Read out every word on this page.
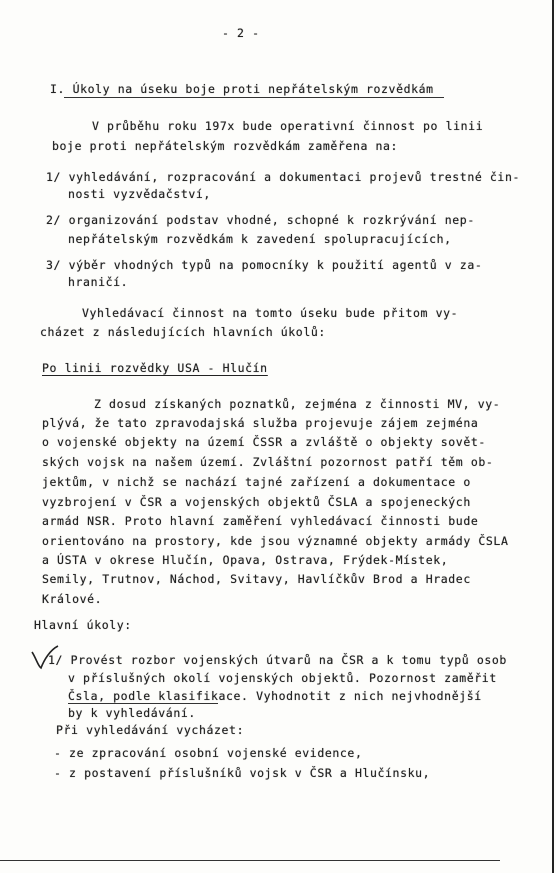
- 2 -
I. Úkoly na úseku boje proti nepřátelským rozvědkám
V průběhu roku 197x bude operativní činnost po linii
boje proti nepřátelským rozvědkám zaměřena na:
1/ vyhledávání, rozpracování a dokumentaci projevů trestné čin-
nosti vyzvědačství,
2/ organizování podstav vhodné, schopné k rozkrývání nep-
nepřátelským rozvědkám k zavedení spolupracujících,
3/ výběr vhodných typů na pomocníky k použití agentů v za-
hraničí.
Vyhledávací činnost na tomto úseku bude přitom vy-
cházet z následujících hlavních úkolů:
Po linii rozvědky USA - Hlučín
Z dosud získaných poznatků, zejména z činnosti MV, vy-
plývá, že tato zpravodajská služba projevuje zájem zejména
o vojenské objekty na území ČSSR a zvláště o objekty sovět-
ských vojsk na našem území. Zvláštní pozornost patří těm ob-
jektům, v nichž se nachází tajné zařízení a dokumentace o
vyzbrojení v ČSR a vojenských objektů ČSLA a spojeneckých
armád NSR. Proto hlavní zaměření vyhledávací činnosti bude
orientováno na prostory, kde jsou významné objekty armády ČSLA
a ÚSTA v okrese Hlučín, Opava, Ostrava, Frýdek-Místek,
Semily, Trutnov, Náchod, Svitavy, Havlíčkův Brod a Hradec
Králové.
Hlavní úkoly:
1/ Provést rozbor vojenských útvarů na ČSR a k tomu typů osob
v příslušných okolí vojenských objektů. Pozornost zaměřit
Čsla, podle klasifikace. Vyhodnotit z nich nejvhodnější
by k vyhledávání.
Při vyhledávání vycházet:
- ze zpracování osobní vojenské evidence,
- z postavení příslušníků vojsk v ČSR a Hlučínsku,
